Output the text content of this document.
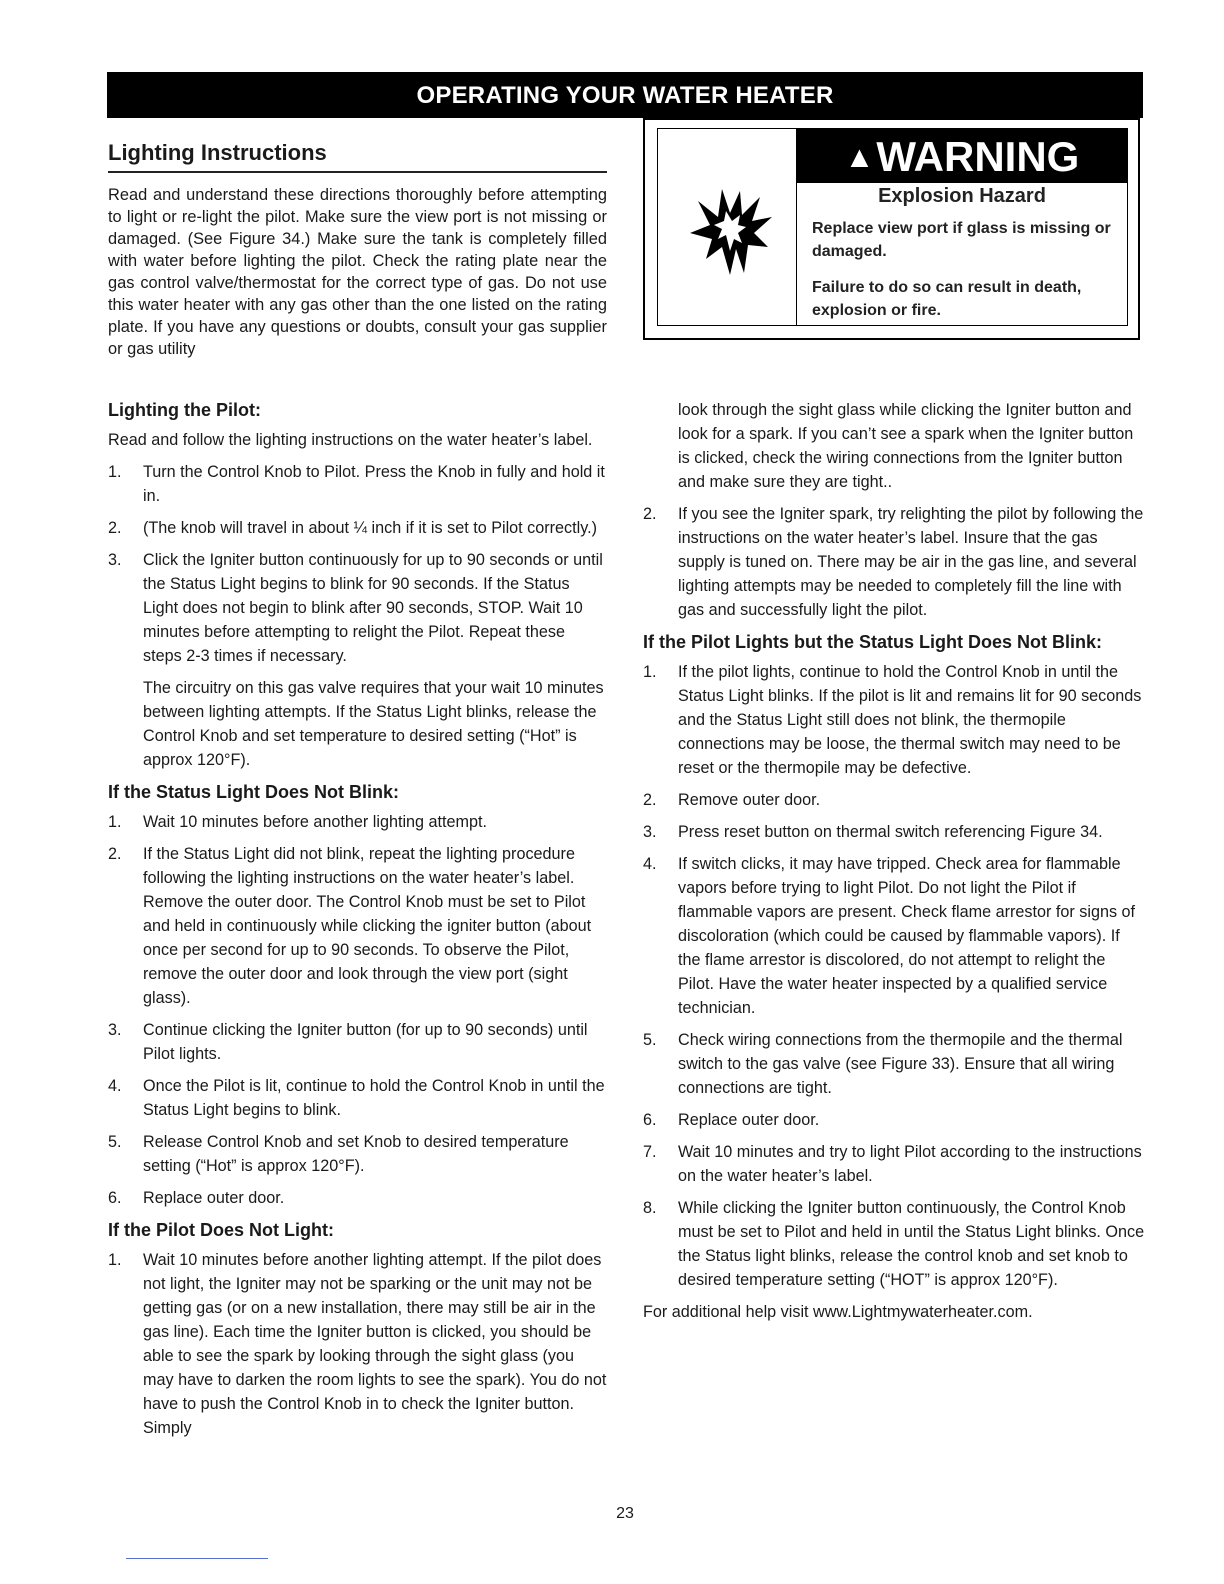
OPERATING YOUR WATER HEATER
Lighting Instructions

Read and understand these directions thoroughly before attempting to light or re-light the pilot. Make sure the view port is not missing or damaged. (See Figure 34.) Make sure the tank is completely filled with water before lighting the pilot. Check the rating plate near the gas control valve/thermostat for the correct type of gas. Do not use this water heater with any gas other than the one listed on the rating plate. If you have any questions or doubts, consult your gas supplier or gas utility

▲WARNING
Explosion Hazard

Replace view port if glass is missing or damaged.

Failure to do so can result in death, explosion or fire.

Lighting the Pilot:

Read and follow the lighting instructions on the water heater’s label.

1. Turn the Control Knob to Pilot. Press the Knob in fully and hold it in.
2. (The knob will travel in about ¼ inch if it is set to Pilot correctly.)
3. Click the Igniter button continuously for up to 90 seconds or until the Status Light begins to blink for 90 seconds. If the Status Light does not begin to blink after 90 seconds, STOP. Wait 10 minutes before attempting to relight the Pilot. Repeat these steps 2-3 times if necessary.
The circuitry on this gas valve requires that your wait 10 minutes between lighting attempts. If the Status Light blinks, release the Control Knob and set temperature to desired setting (“Hot” is approx 120°F).
If the Status Light Does Not Blink:
1. Wait 10 minutes before another lighting attempt.
2. If the Status Light did not blink, repeat the lighting procedure following the lighting instructions on the water heater’s label. Remove the outer door. The Control Knob must be set to Pilot and held in continuously while clicking the igniter button (about once per second for up to 90 seconds. To observe the Pilot, remove the outer door and look through the view port (sight glass).
3. Continue clicking the Igniter button (for up to 90 seconds) until Pilot lights.
4. Once the Pilot is lit, continue to hold the Control Knob in until the Status Light begins to blink.
5. Release Control Knob and set Knob to desired temperature setting (“Hot” is approx 120°F).
6. Replace outer door.
If the Pilot Does Not Light:
1. Wait 10 minutes before another lighting attempt. If the pilot does not light, the Igniter may not be sparking or the unit may not be getting gas (or on a new installation, there may still be air in the gas line). Each time the Igniter button is clicked, you should be able to see the spark by looking through the sight glass (you may have to darken the room lights to see the spark). You do not have to push the Control Knob in to check the Igniter button. Simply
look through the sight glass while clicking the Igniter button and look for a spark. If you can’t see a spark when the Igniter button is clicked, check the wiring connections from the Igniter button and make sure they are tight..
2. If you see the Igniter spark, try relighting the pilot by following the instructions on the water heater’s label. Insure that the gas supply is tuned on. There may be air in the gas line, and several lighting attempts may be needed to completely fill the line with gas and successfully light the pilot.
If the Pilot Lights but the Status Light Does Not Blink:
1. If the pilot lights, continue to hold the Control Knob in until the Status Light blinks. If the pilot is lit and remains lit for 90 seconds and the Status Light still does not blink, the thermopile connections may be loose, the thermal switch may need to be reset or the thermopile may be defective.
2. Remove outer door.
3. Press reset button on thermal switch referencing Figure 34.
4. If switch clicks, it may have tripped. Check area for flammable vapors before trying to light Pilot. Do not light the Pilot if flammable vapors are present. Check flame arrestor for signs of discoloration (which could be caused by flammable vapors). If the flame arrestor is discolored, do not attempt to relight the Pilot. Have the water heater inspected by a qualified service technician.
5. Check wiring connections from the thermopile and the thermal switch to the gas valve (see Figure 33). Ensure that all wiring connections are tight.
6. Replace outer door.
7. Wait 10 minutes and try to light Pilot according to the instructions on the water heater’s label.
8. While clicking the Igniter button continuously, the Control Knob must be set to Pilot and held in until the Status Light blinks. Once the Status light blinks, release the control knob and set knob to desired temperature setting (“HOT” is approx 120°F).

For additional help visit www.Lightmywaterheater.com.

23
